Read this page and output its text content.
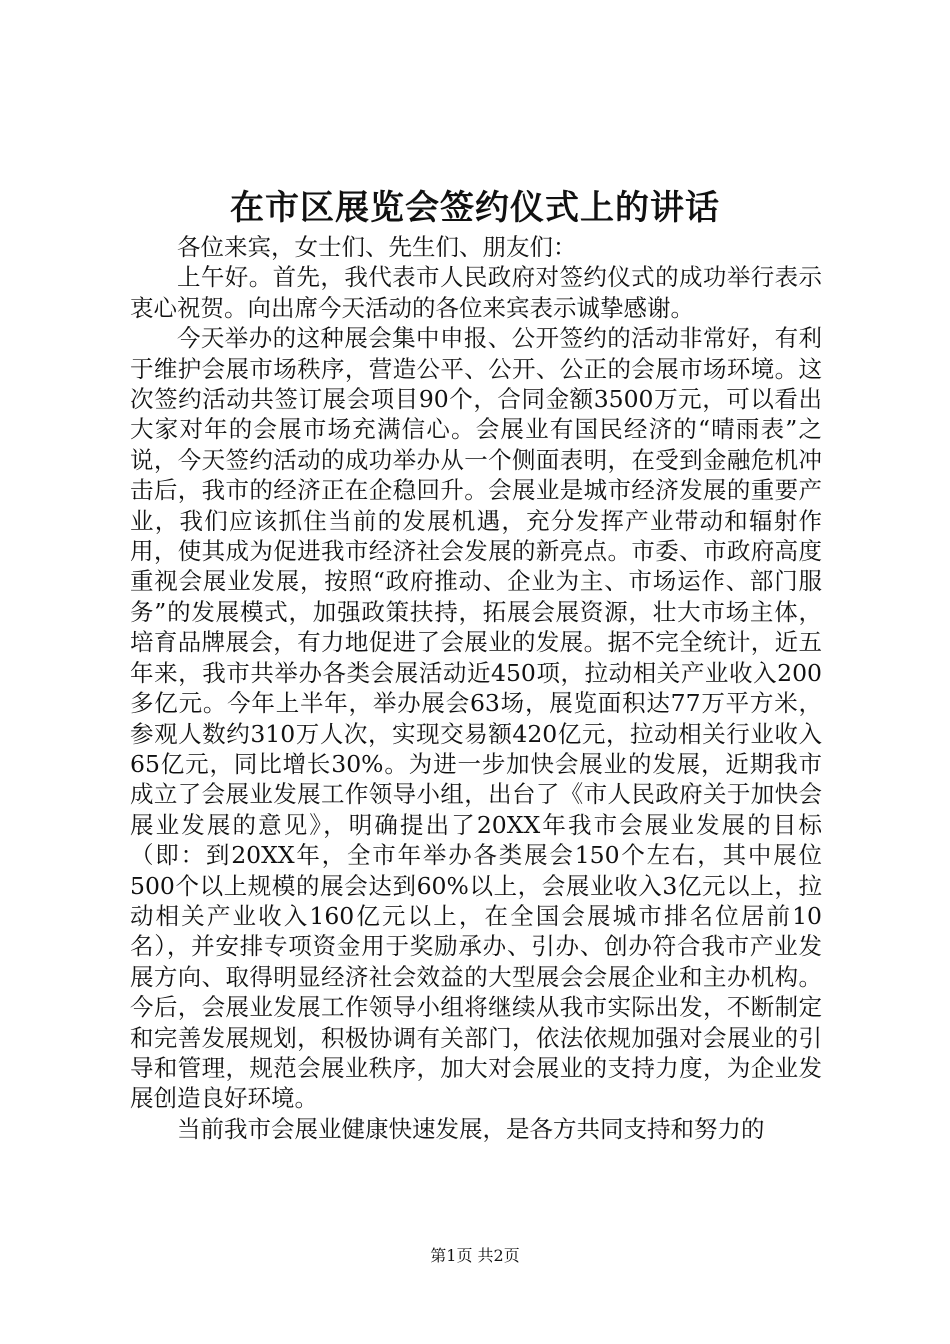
在市区展览会签约仪式上的讲话

各位来宾，女士们、先生们、朋友们：

上午好。首先，我代表市人民政府对签约仪式的成功举行表示衷心祝贺。向出席今天活动的各位来宾表示诚挚感谢。

今天举办的这种展会集中申报、公开签约的活动非常好，有利于维护会展市场秩序，营造公平、公开、公正的会展市场环境。这次签约活动共签订展会项目90个，合同金额3500万元，可以看出大家对年的会展市场充满信心。会展业有国民经济的“晴雨表”之说，今天签约活动的成功举办从一个侧面表明，在受到金融危机冲击后，我市的经济正在企稳回升。会展业是城市经济发展的重要产业，我们应该抓住当前的发展机遇，充分发挥产业带动和辐射作用，使其成为促进我市经济社会发展的新亮点。市委、市政府高度重视会展业发展，按照“政府推动、企业为主、市场运作、部门服务”的发展模式，加强政策扶持，拓展会展资源，壮大市场主体，培育品牌展会，有力地促进了会展业的发展。据不完全统计，近五年来，我市共举办各类会展活动近450项，拉动相关产业收入200多亿元。今年上半年，举办展会63场，展览面积达77万平方米，参观人数约310万人次，实现交易额420亿元，拉动相关行业收入65亿元，同比增长30%。为进一步加快会展业的发展，近期我市成立了会展业发展工作领导小组，出台了《市人民政府关于加快会展业发展的意见》，明确提出了20XX年我市会展业发展的目标（即：到20XX年，全市年举办各类展会150个左右，其中展位500个以上规模的展会达到60%以上，会展业收入3亿元以上，拉动相关产业收入160亿元以上，在全国会展城市排名位居前10名），并安排专项资金用于奖励承办、引办、创办符合我市产业发展方向、取得明显经济社会效益的大型展会会展企业和主办机构。今后，会展业发展工作领导小组将继续从我市实际出发，不断制定和完善发展规划，积极协调有关部门，依法依规加强对会展业的引导和管理，规范会展业秩序，加大对会展业的支持力度，为企业发展创造良好环境。

当前我市会展业健康快速发展，是各方共同支持和努力的

第1页 共2页
